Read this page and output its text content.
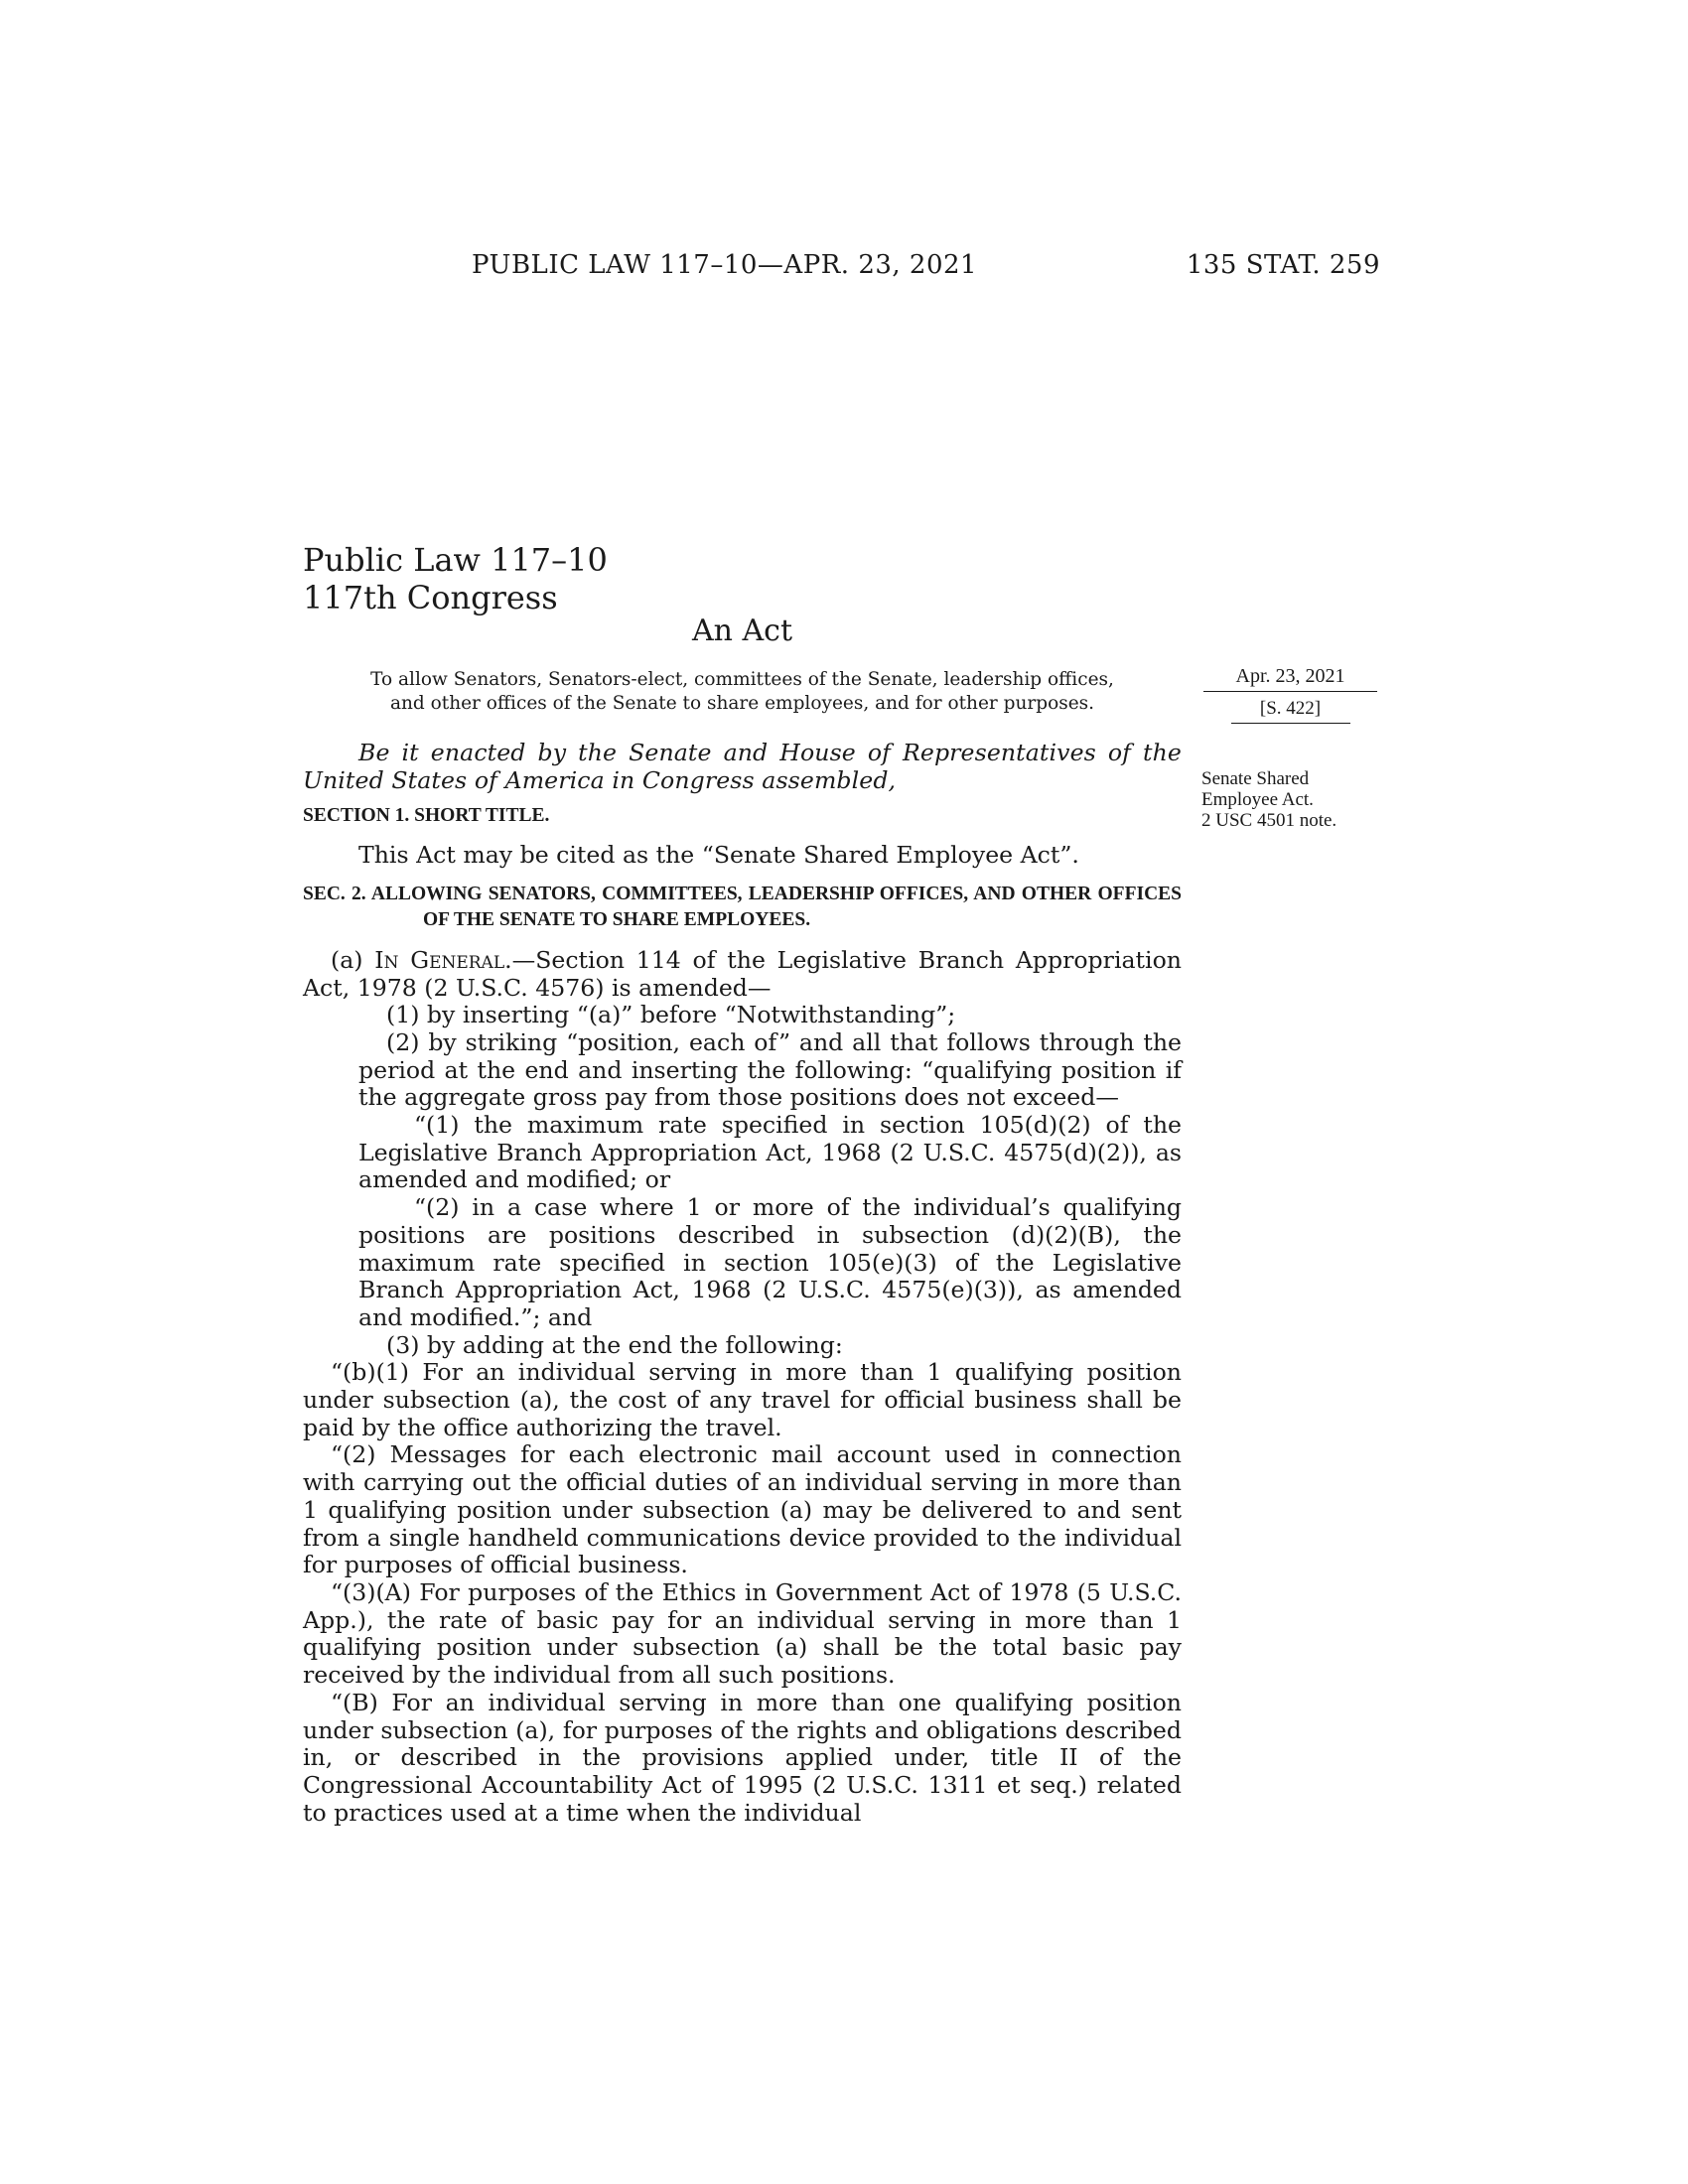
PUBLIC LAW 117–10—APR. 23, 2021	135 STAT. 259
Public Law 117–10
117th Congress
An Act
To allow Senators, Senators-elect, committees of the Senate, leadership offices,
and other offices of the Senate to share employees, and for other purposes.
Apr. 23, 2021
[S. 422]
Senate Shared
Employee Act.
2 USC 4501 note.

Be it enacted by the Senate and House of Representatives of the United States of America in Congress assembled,

SECTION 1. SHORT TITLE.

This Act may be cited as the “Senate Shared Employee Act”.

SEC. 2. ALLOWING SENATORS, COMMITTEES, LEADERSHIP OFFICES, AND OTHER OFFICES OF THE SENATE TO SHARE EMPLOYEES.

(a) In General.—Section 114 of the Legislative Branch Appropriation Act, 1978 (2 U.S.C. 4576) is amended—

(1) by inserting “(a)” before “Notwithstanding”;

(2) by striking “position, each of” and all that follows through the period at the end and inserting the following: “qualifying position if the aggregate gross pay from those positions does not exceed—

“(1) the maximum rate specified in section 105(d)(2) of the Legislative Branch Appropriation Act, 1968 (2 U.S.C. 4575(d)(2)), as amended and modified; or

“(2) in a case where 1 or more of the individual’s qualifying positions are positions described in subsection (d)(2)(B), the maximum rate specified in section 105(e)(3) of the Legislative Branch Appropriation Act, 1968 (2 U.S.C. 4575(e)(3)), as amended and modified.”; and

(3) by adding at the end the following:

“(b)(1) For an individual serving in more than 1 qualifying position under subsection (a), the cost of any travel for official business shall be paid by the office authorizing the travel.

“(2) Messages for each electronic mail account used in connection with carrying out the official duties of an individual serving in more than 1 qualifying position under subsection (a) may be delivered to and sent from a single handheld communications device provided to the individual for purposes of official business.

“(3)(A) For purposes of the Ethics in Government Act of 1978 (5 U.S.C. App.), the rate of basic pay for an individual serving in more than 1 qualifying position under subsection (a) shall be the total basic pay received by the individual from all such positions.

“(B) For an individual serving in more than one qualifying position under subsection (a), for purposes of the rights and obligations described in, or described in the provisions applied under, title II of the Congressional Accountability Act of 1995 (2 U.S.C. 1311 et seq.) related to practices used at a time when the individual
